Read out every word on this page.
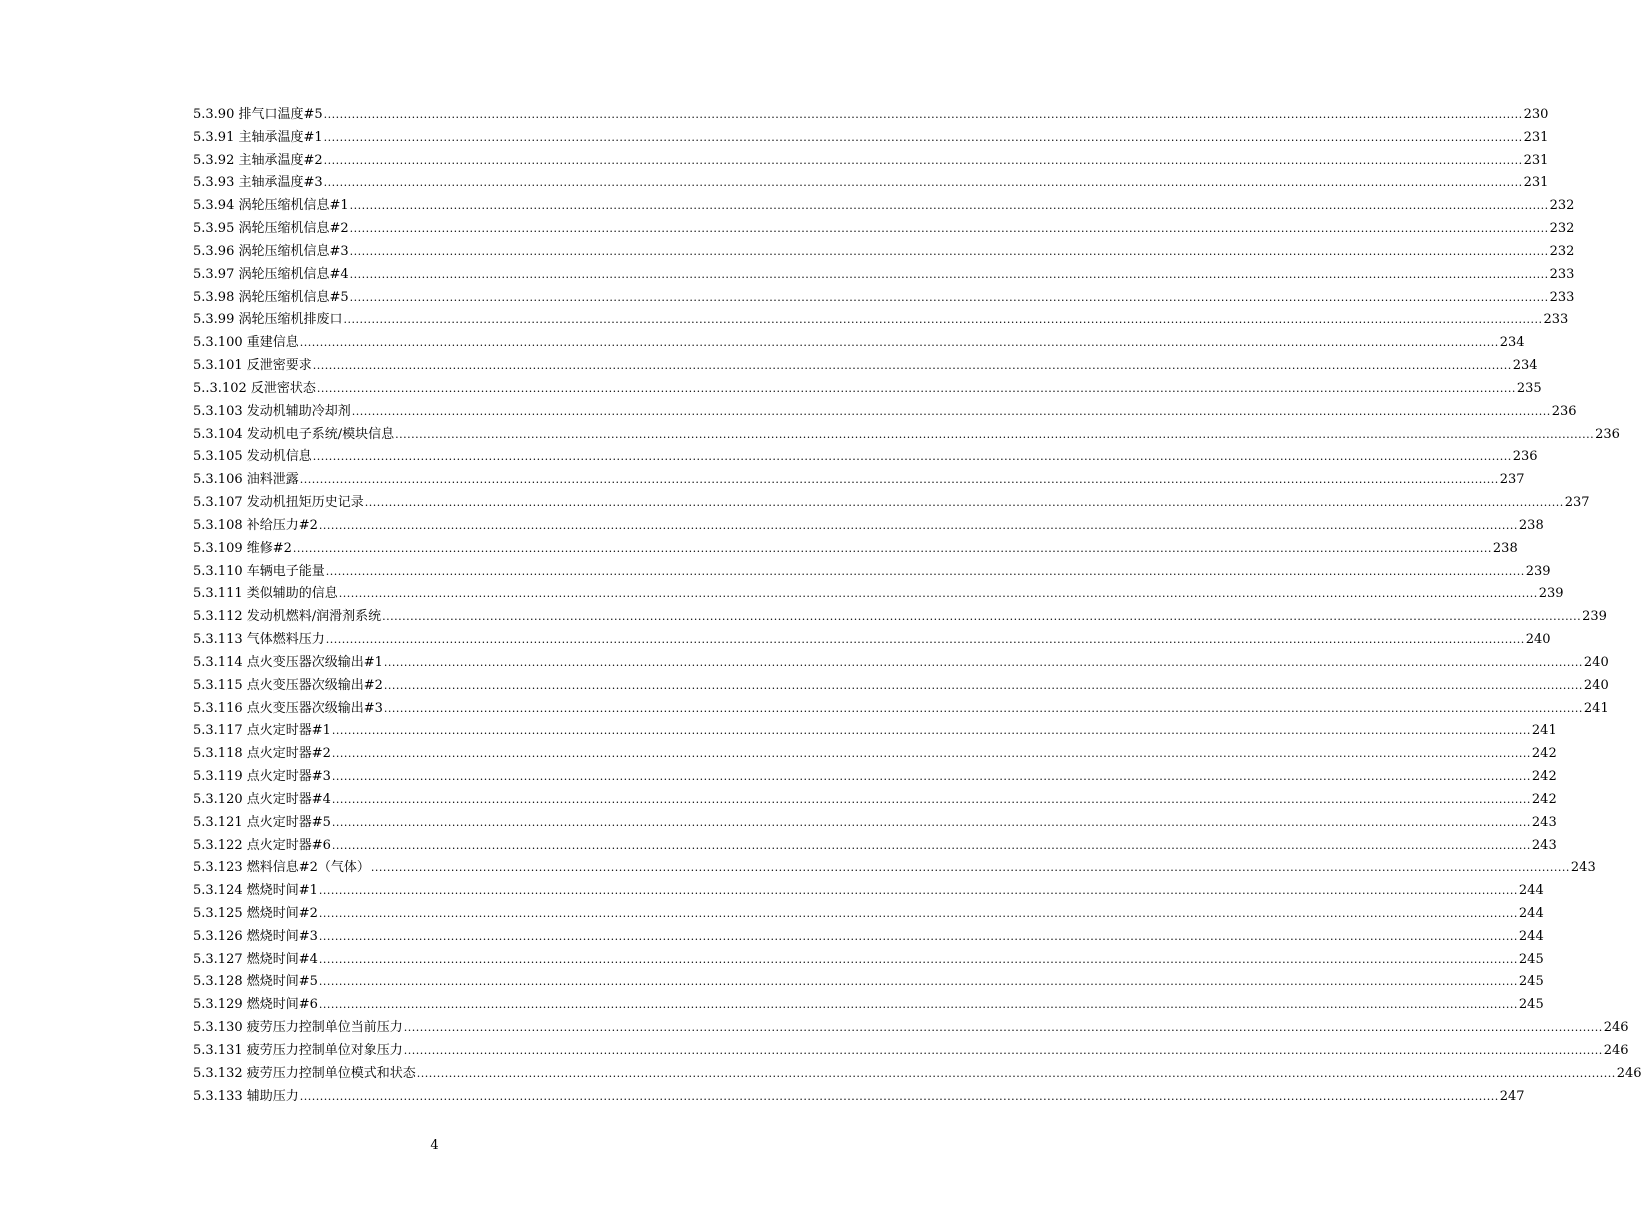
5.3.90 排气口温度#5 ............................................................................................................................................................................................................................................................................................................ 230
5.3.91 主轴承温度#1 ............................................................................................................................................................................................................................................................................................................ 231
5.3.92 主轴承温度#2 ............................................................................................................................................................................................................................................................................................................ 231
5.3.93 主轴承温度#3 ............................................................................................................................................................................................................................................................................................................ 231
5.3.94 涡轮压缩机信息#1 ............................................................................................................................................................................................................................................................................................................ 232
5.3.95 涡轮压缩机信息#2 ............................................................................................................................................................................................................................................................................................................ 232
5.3.96 涡轮压缩机信息#3 ............................................................................................................................................................................................................................................................................................................ 232
5.3.97 涡轮压缩机信息#4 ............................................................................................................................................................................................................................................................................................................ 233
5.3.98 涡轮压缩机信息#5 ............................................................................................................................................................................................................................................................................................................ 233
5.3.99 涡轮压缩机排废口 ............................................................................................................................................................................................................................................................................................................ 233
5.3.100 重建信息 ............................................................................................................................................................................................................................................................................................................ 234
5.3.101 反泄密要求 ............................................................................................................................................................................................................................................................................................................ 234
5..3.102 反泄密状态 ............................................................................................................................................................................................................................................................................................................ 235
5.3.103 发动机辅助冷却剂 ............................................................................................................................................................................................................................................................................................................ 236
5.3.104 发动机电子系统/模块信息 ............................................................................................................................................................................................................................................................................................................ 236
5.3.105 发动机信息 ............................................................................................................................................................................................................................................................................................................ 236
5.3.106 油料泄露 ............................................................................................................................................................................................................................................................................................................ 237
5.3.107 发动机扭矩历史记录 ............................................................................................................................................................................................................................................................................................................ 237
5.3.108 补给压力#2 ............................................................................................................................................................................................................................................................................................................ 238
5.3.109 维修#2 ............................................................................................................................................................................................................................................................................................................ 238
5.3.110 车辆电子能量 ............................................................................................................................................................................................................................................................................................................ 239
5.3.111 类似辅助的信息 ............................................................................................................................................................................................................................................................................................................ 239
5.3.112 发动机燃料/润滑剂系统 ............................................................................................................................................................................................................................................................................................................ 239
5.3.113 气体燃料压力 ............................................................................................................................................................................................................................................................................................................ 240
5.3.114 点火变压器次级输出#1 ............................................................................................................................................................................................................................................................................................................ 240
5.3.115 点火变压器次级输出#2 ............................................................................................................................................................................................................................................................................................................ 240
5.3.116 点火变压器次级输出#3 ............................................................................................................................................................................................................................................................................................................ 241
5.3.117 点火定时器#1 ............................................................................................................................................................................................................................................................................................................ 241
5.3.118 点火定时器#2 ............................................................................................................................................................................................................................................................................................................ 242
5.3.119 点火定时器#3 ............................................................................................................................................................................................................................................................................................................ 242
5.3.120 点火定时器#4 ............................................................................................................................................................................................................................................................................................................ 242
5.3.121 点火定时器#5 ............................................................................................................................................................................................................................................................................................................ 243
5.3.122 点火定时器#6 ............................................................................................................................................................................................................................................................................................................ 243
5.3.123 燃料信息#2（气体） ............................................................................................................................................................................................................................................................................................................ 243
5.3.124 燃烧时间#1 ............................................................................................................................................................................................................................................................................................................ 244
5.3.125 燃烧时间#2 ............................................................................................................................................................................................................................................................................................................ 244
5.3.126 燃烧时间#3 ............................................................................................................................................................................................................................................................................................................ 244
5.3.127 燃烧时间#4 ............................................................................................................................................................................................................................................................................................................ 245
5.3.128 燃烧时间#5 ............................................................................................................................................................................................................................................................................................................ 245
5.3.129 燃烧时间#6 ............................................................................................................................................................................................................................................................................................................ 245
5.3.130 疲劳压力控制单位当前压力 ............................................................................................................................................................................................................................................................................................................ 246
5.3.131 疲劳压力控制单位对象压力 ............................................................................................................................................................................................................................................................................................................ 246
5.3.132 疲劳压力控制单位模式和状态 ............................................................................................................................................................................................................................................................................................................ 246
5.3.133 辅助压力 ............................................................................................................................................................................................................................................................................................................ 247
4
